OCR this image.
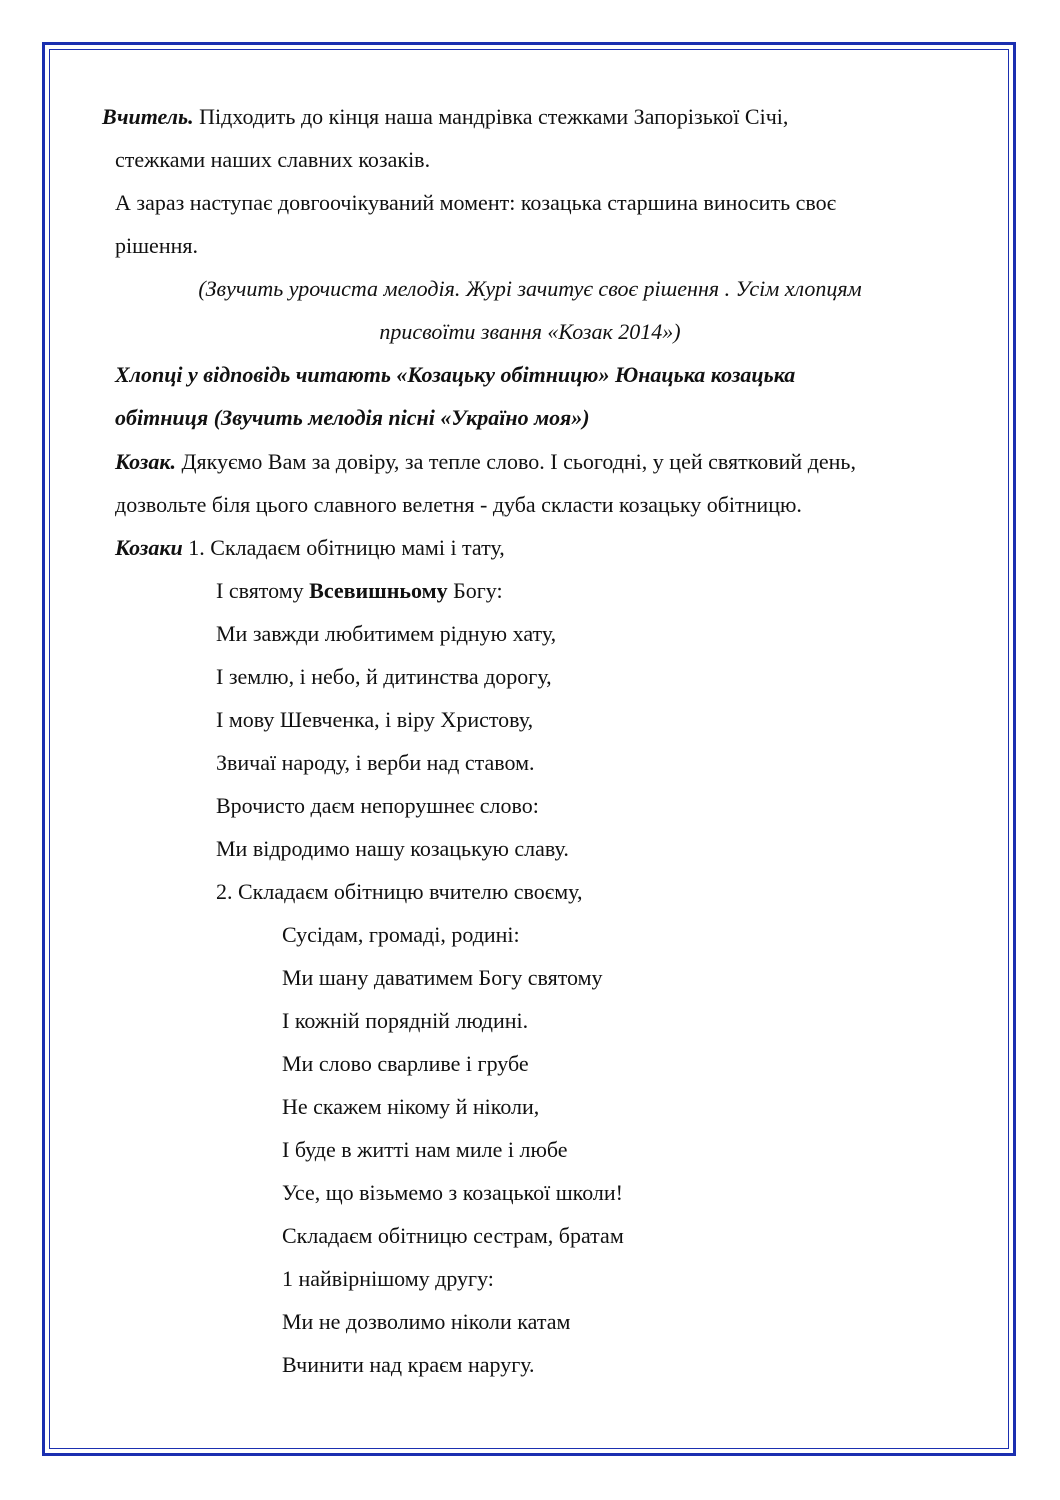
Вчитель. Підходить до кінця наша мандрівка стежками Запорізької Січі,
стежками наших славних козаків.
А зараз наступає довгоочікуваний момент: козацька старшина виносить своє
рішення.
(Звучить урочиста мелодія. Журі зачитує своє рішення . Усім хлопцям
присвоїти звання «Козак 2014»)
Хлопці у відповідь читають «Козацьку обітницю» Юнацька козацька
обітниця (Звучить мелодія пісні «Україно моя»)
Козак. Дякуємо Вам за довіру, за тепле слово. І сьогодні, у цей святковий день,
дозвольте біля цього славного велетня - дуба скласти козацьку обітницю.
Козаки 1. Складаєм обітницю мамі і тату,
І святому Всевишньому Богу:
Ми завжди любитимем рідную хату,
І землю, і небо, й дитинства дорогу,
І мову Шевченка, і віру Христову,
Звичаї народу, і верби над ставом.
Врочисто даєм непорушнеє слово:
Ми відродимо нашу козацькую славу.
2. Складаєм обітницю вчителю своєму,
Сусідам, громаді, родині:
Ми шану даватимем Богу святому
І кожній порядній людині.
Ми слово сварливе і грубе
Не скажем нікому й ніколи,
І буде в житті нам миле і любе
Усе, що візьмемо з козацької школи!
Складаєм обітницю сестрам, братам
1 найвірнішому другу:
Ми не дозволимо ніколи катам
Вчинити над краєм наругу.
